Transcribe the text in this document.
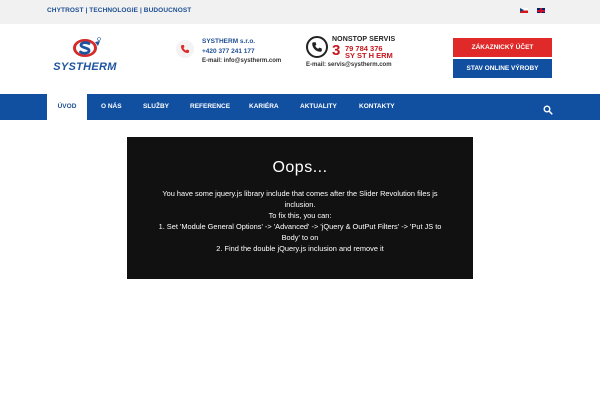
CHYTROST | TECHNOLOGIE | BUDOUCNOST
SYSTHERM
SYSTHERM s.r.o.
+420 377 241 177
E-mail: info@systherm.com
NONSTOP SERVIS
3 79 784 376
SY ST H ERM
E-mail: servis@systherm.com
ZÁKAZNICKÝ ÚČET
STAV ONLINE VÝROBY
ÚVOD	O NÁS	SLUŽBY	REFERENCE	KARIÉRA	AKTUALITY	KONTAKTY
Oops...
You have some jquery.js library include that comes after the Slider Revolution files js
inclusion.
To fix this, you can:
1. Set 'Module General Options' -> 'Advanced' -> 'jQuery & OutPut Filters' -> 'Put JS to
Body' to on
2. Find the double jQuery.js inclusion and remove it
